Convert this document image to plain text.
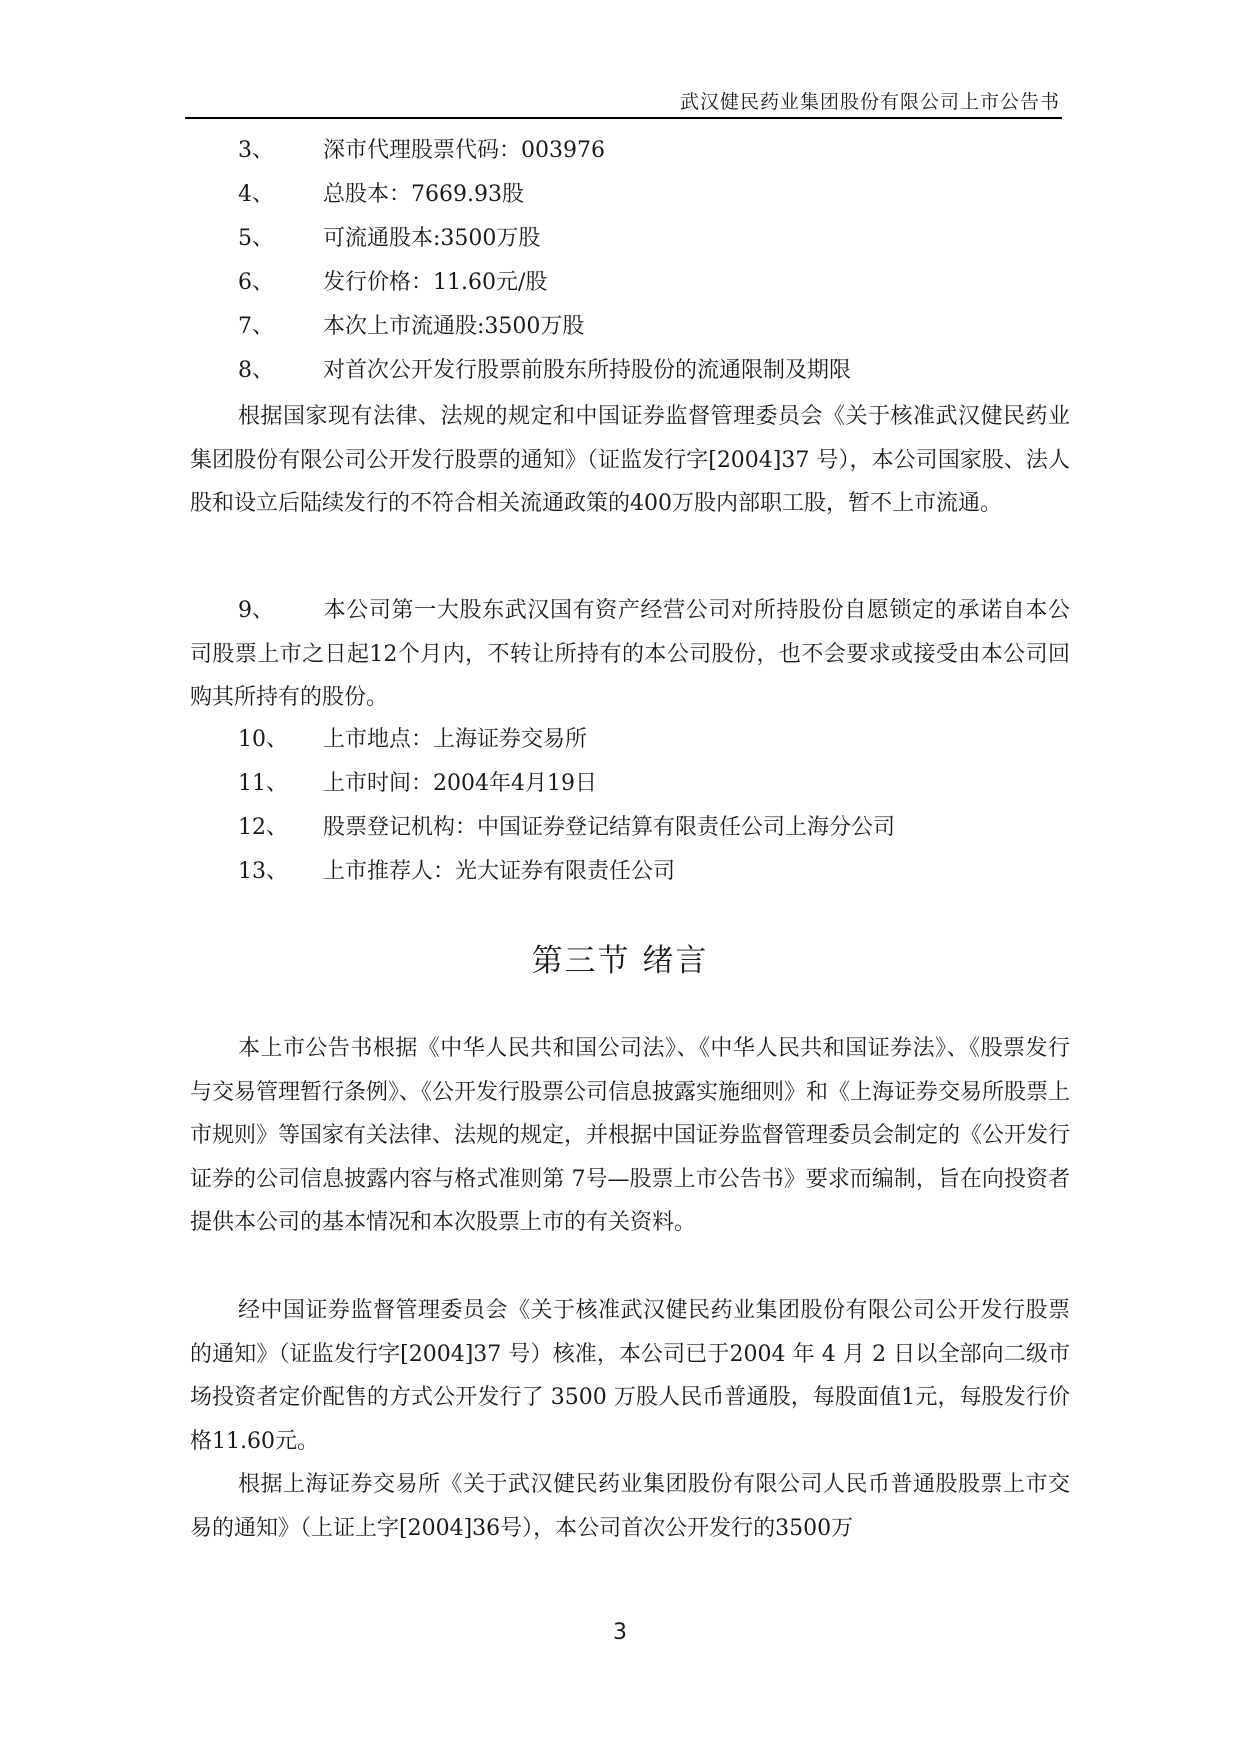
武汉健民药业集团股份有限公司上市公告书
3、 深市代理股票代码：003976
4、 总股本：7669.93股
5、 可流通股本:3500万股
6、 发行价格：11.60元/股
7、 本次上市流通股:3500万股
8、 对首次公开发行股票前股东所持股份的流通限制及期限
根据国家现有法律、法规的规定和中国证券监督管理委员会《关于核准武汉健民药业集团股份有限公司公开发行股票的通知》（证监发行字[2004]37 号），本公司国家股、法人股和设立后陆续发行的不符合相关流通政策的400万股内部职工股，暂不上市流通。
9、 本公司第一大股东武汉国有资产经营公司对所持股份自愿锁定的承诺自本公司股票上市之日起12个月内，不转让所持有的本公司股份，也不会要求或接受由本公司回购其所持有的股份。
10、 上市地点：上海证券交易所
11、 上市时间：2004年4月19日
12、 股票登记机构：中国证券登记结算有限责任公司上海分公司
13、 上市推荐人：光大证券有限责任公司
第三节 绪言
本上市公告书根据《中华人民共和国公司法》、《中华人民共和国证券法》、《股票发行与交易管理暂行条例》、《公开发行股票公司信息披露实施细则》和《上海证券交易所股票上市规则》等国家有关法律、法规的规定，并根据中国证券监督管理委员会制定的《公开发行证券的公司信息披露内容与格式准则第 7号—股票上市公告书》要求而编制，旨在向投资者提供本公司的基本情况和本次股票上市的有关资料。
经中国证券监督管理委员会《关于核准武汉健民药业集团股份有限公司公开发行股票的通知》（证监发行字[2004]37 号）核准，本公司已于2004 年 4 月 2 日以全部向二级市场投资者定价配售的方式公开发行了 3500 万股人民币普通股，每股面值1元，每股发行价格11.60元。
根据上海证券交易所《关于武汉健民药业集团股份有限公司人民币普通股股票上市交易的通知》（上证上字[2004]36号），本公司首次公开发行的3500万
3
